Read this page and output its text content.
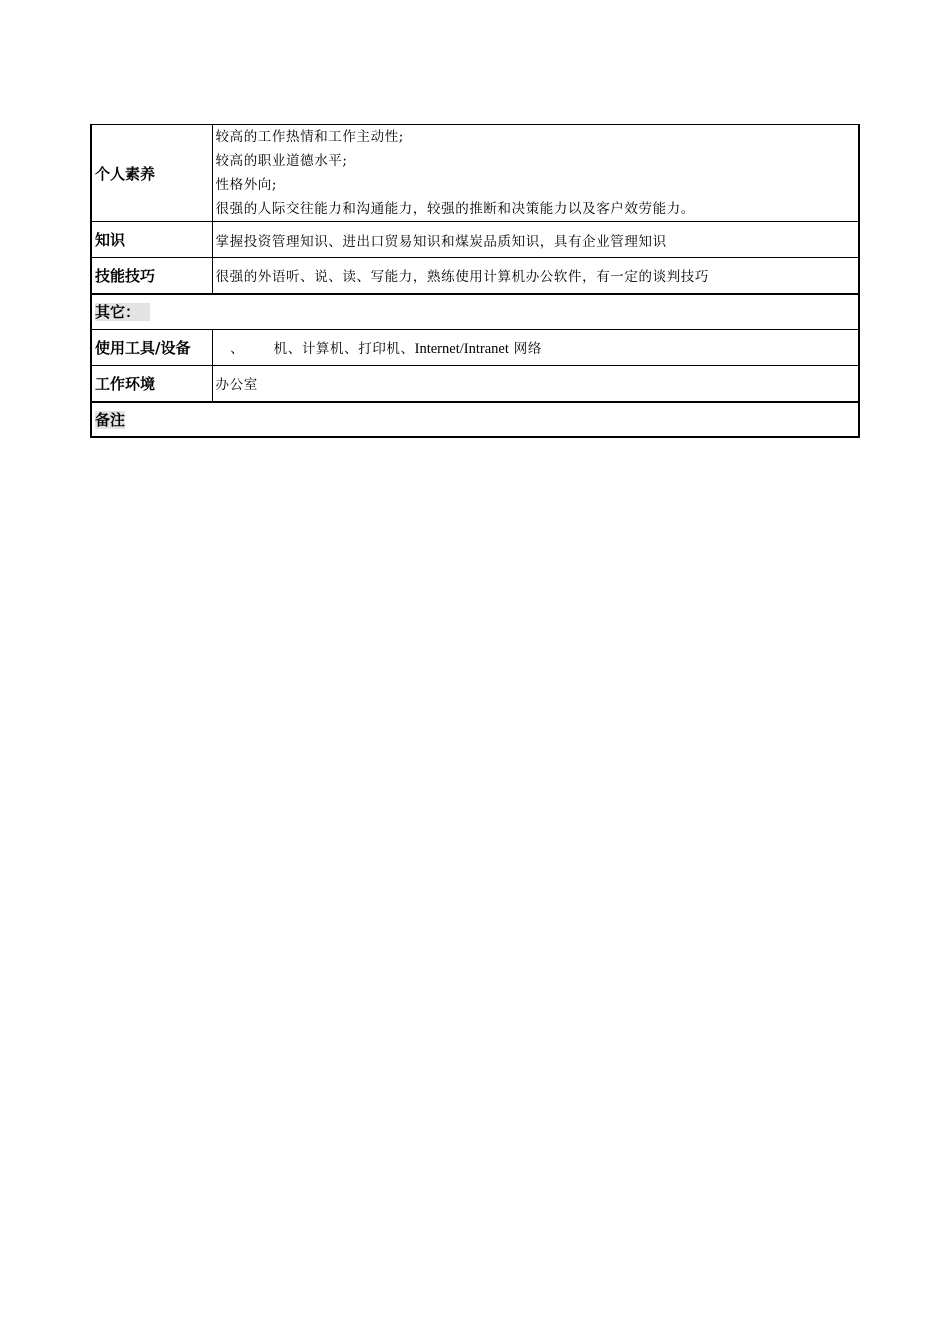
个人素养	较高的工作热情和工作主动性;
较高的职业道德水平;
性格外向;
很强的人际交往能力和沟通能力，较强的推断和决策能力以及客户效劳能力。

知识	掌握投资管理知识、进出口贸易知识和煤炭品质知识，具有企业管理知识
技能技巧	很强的外语听、说、读、写能力，熟练使用计算机办公软件，有一定的谈判技巧
其它：	
使用工具/设备	、      机、计算机、打印机、Internet/Intranet 网络
工作环境	办公室
备注	
